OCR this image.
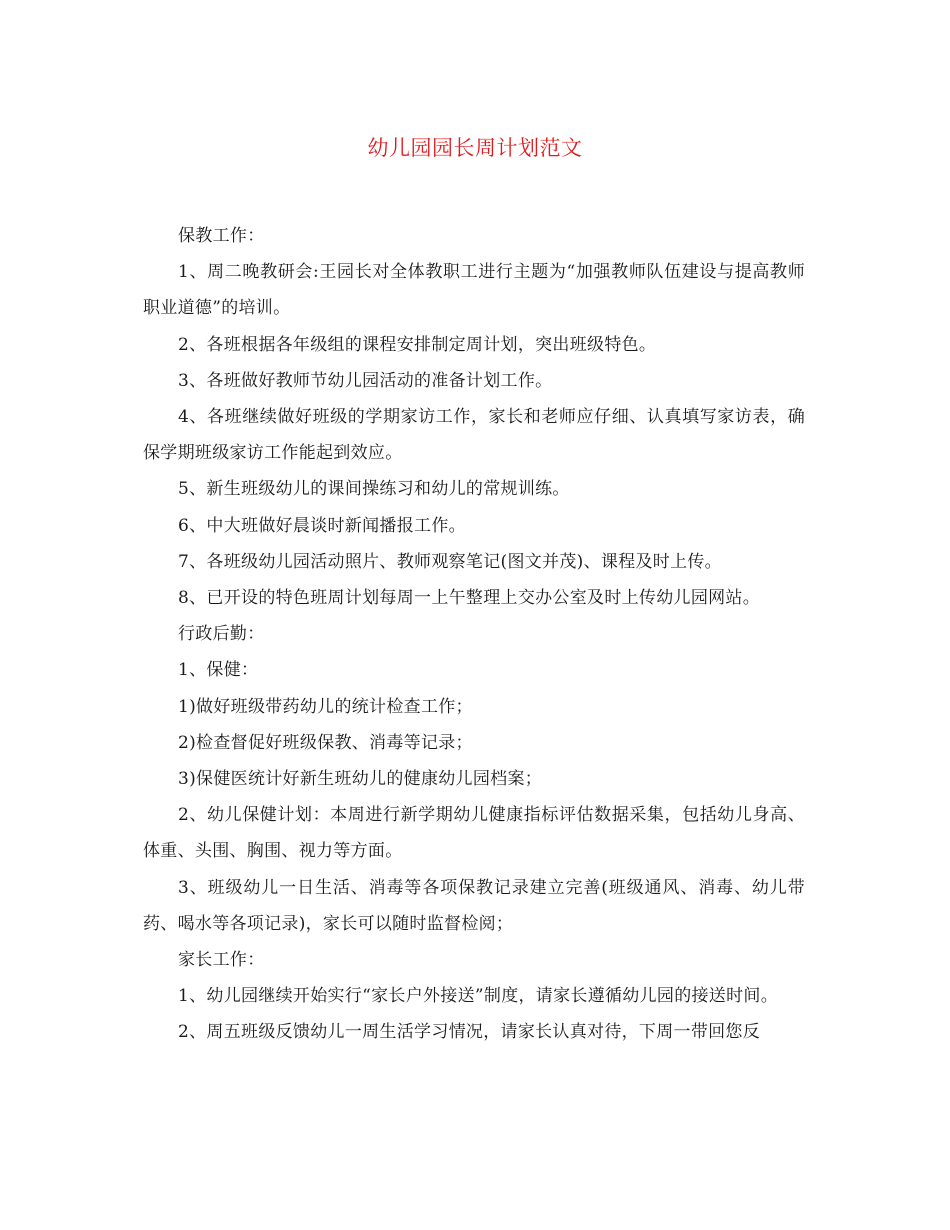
幼儿园园长周计划范文

保教工作：

1、周二晚教研会:王园长对全体教职工进行主题为“加强教师队伍建设与提高教师职业道德”的培训。

2、各班根据各年级组的课程安排制定周计划，突出班级特色。

3、各班做好教师节幼儿园活动的准备计划工作。

4、各班继续做好班级的学期家访工作，家长和老师应仔细、认真填写家访表，确保学期班级家访工作能起到效应。

5、新生班级幼儿的课间操练习和幼儿的常规训练。

6、中大班做好晨谈时新闻播报工作。

7、各班级幼儿园活动照片、教师观察笔记(图文并茂)、课程及时上传。

8、已开设的特色班周计划每周一上午整理上交办公室及时上传幼儿园网站。

行政后勤：

1、保健：

1)做好班级带药幼儿的统计检查工作；

2)检查督促好班级保教、消毒等记录；

3)保健医统计好新生班幼儿的健康幼儿园档案；

2、幼儿保健计划：本周进行新学期幼儿健康指标评估数据采集，包括幼儿身高、体重、头围、胸围、视力等方面。

3、班级幼儿一日生活、消毒等各项保教记录建立完善(班级通风、消毒、幼儿带药、喝水等各项记录)，家长可以随时监督检阅；

家长工作：

1、幼儿园继续开始实行“家长户外接送”制度，请家长遵循幼儿园的接送时间。

2、周五班级反馈幼儿一周生活学习情况，请家长认真对待，下周一带回您反
